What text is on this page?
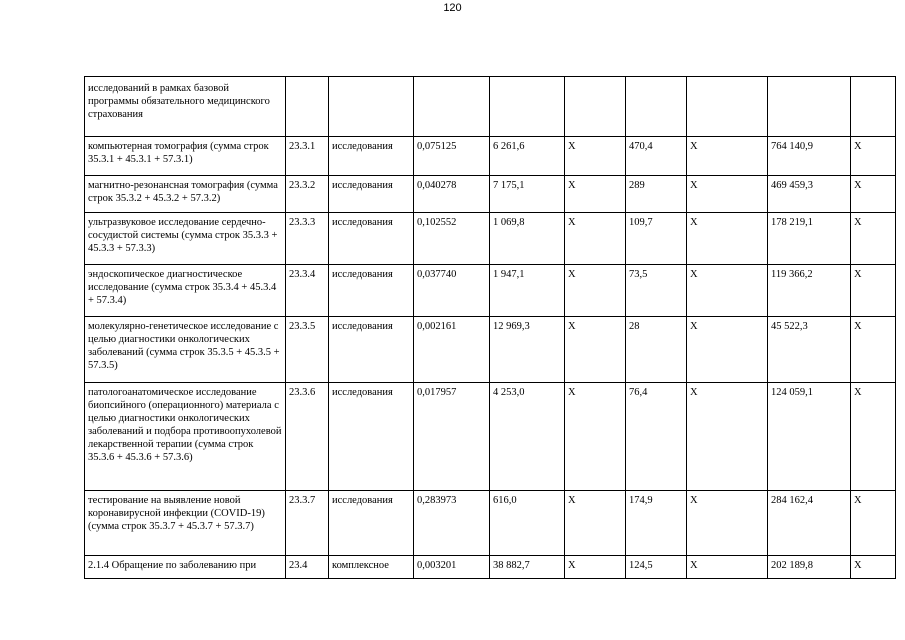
120
исследований в рамках базовой программы обязательного медицинского страхования									
компьютерная томография (сумма строк 35.3.1 + 45.3.1 + 57.3.1)	23.3.1	исследования	0,075125	6 261,6	X	470,4	X	764 140,9	X
магнитно-резонансная томография (сумма строк 35.3.2 + 45.3.2 + 57.3.2)	23.3.2	исследования	0,040278	7 175,1	X	289	X	469 459,3	X
ультразвуковое исследование сердечно-сосудистой системы (сумма строк 35.3.3 + 45.3.3 + 57.3.3)	23.3.3	исследования	0,102552	1 069,8	X	109,7	X	178 219,1	X
эндоскопическое диагностическое исследование (сумма строк 35.3.4 + 45.3.4 + 57.3.4)	23.3.4	исследования	0,037740	1 947,1	X	73,5	X	119 366,2	X
молекулярно-генетическое исследование с целью диагностики онкологических заболеваний (сумма строк 35.3.5 + 45.3.5 + 57.3.5)	23.3.5	исследования	0,002161	12 969,3	X	28	X	45 522,3	X
патологоанатомическое исследование биопсийного (операционного) материала с целью диагностики онкологических заболеваний и подбора противоопухолевой лекарственной терапии (сумма строк 35.3.6 + 45.3.6 + 57.3.6)	23.3.6	исследования	0,017957	4 253,0	X	76,4	X	124 059,1	X
тестирование на выявление новой коронавирусной инфекции (COVID-19) (сумма строк 35.3.7 + 45.3.7 + 57.3.7)	23.3.7	исследования	0,283973	616,0	X	174,9	X	284 162,4	X
2.1.4 Обращение по заболеванию при	23.4	комплексное	0,003201	38 882,7	X	124,5	X	202 189,8	X
